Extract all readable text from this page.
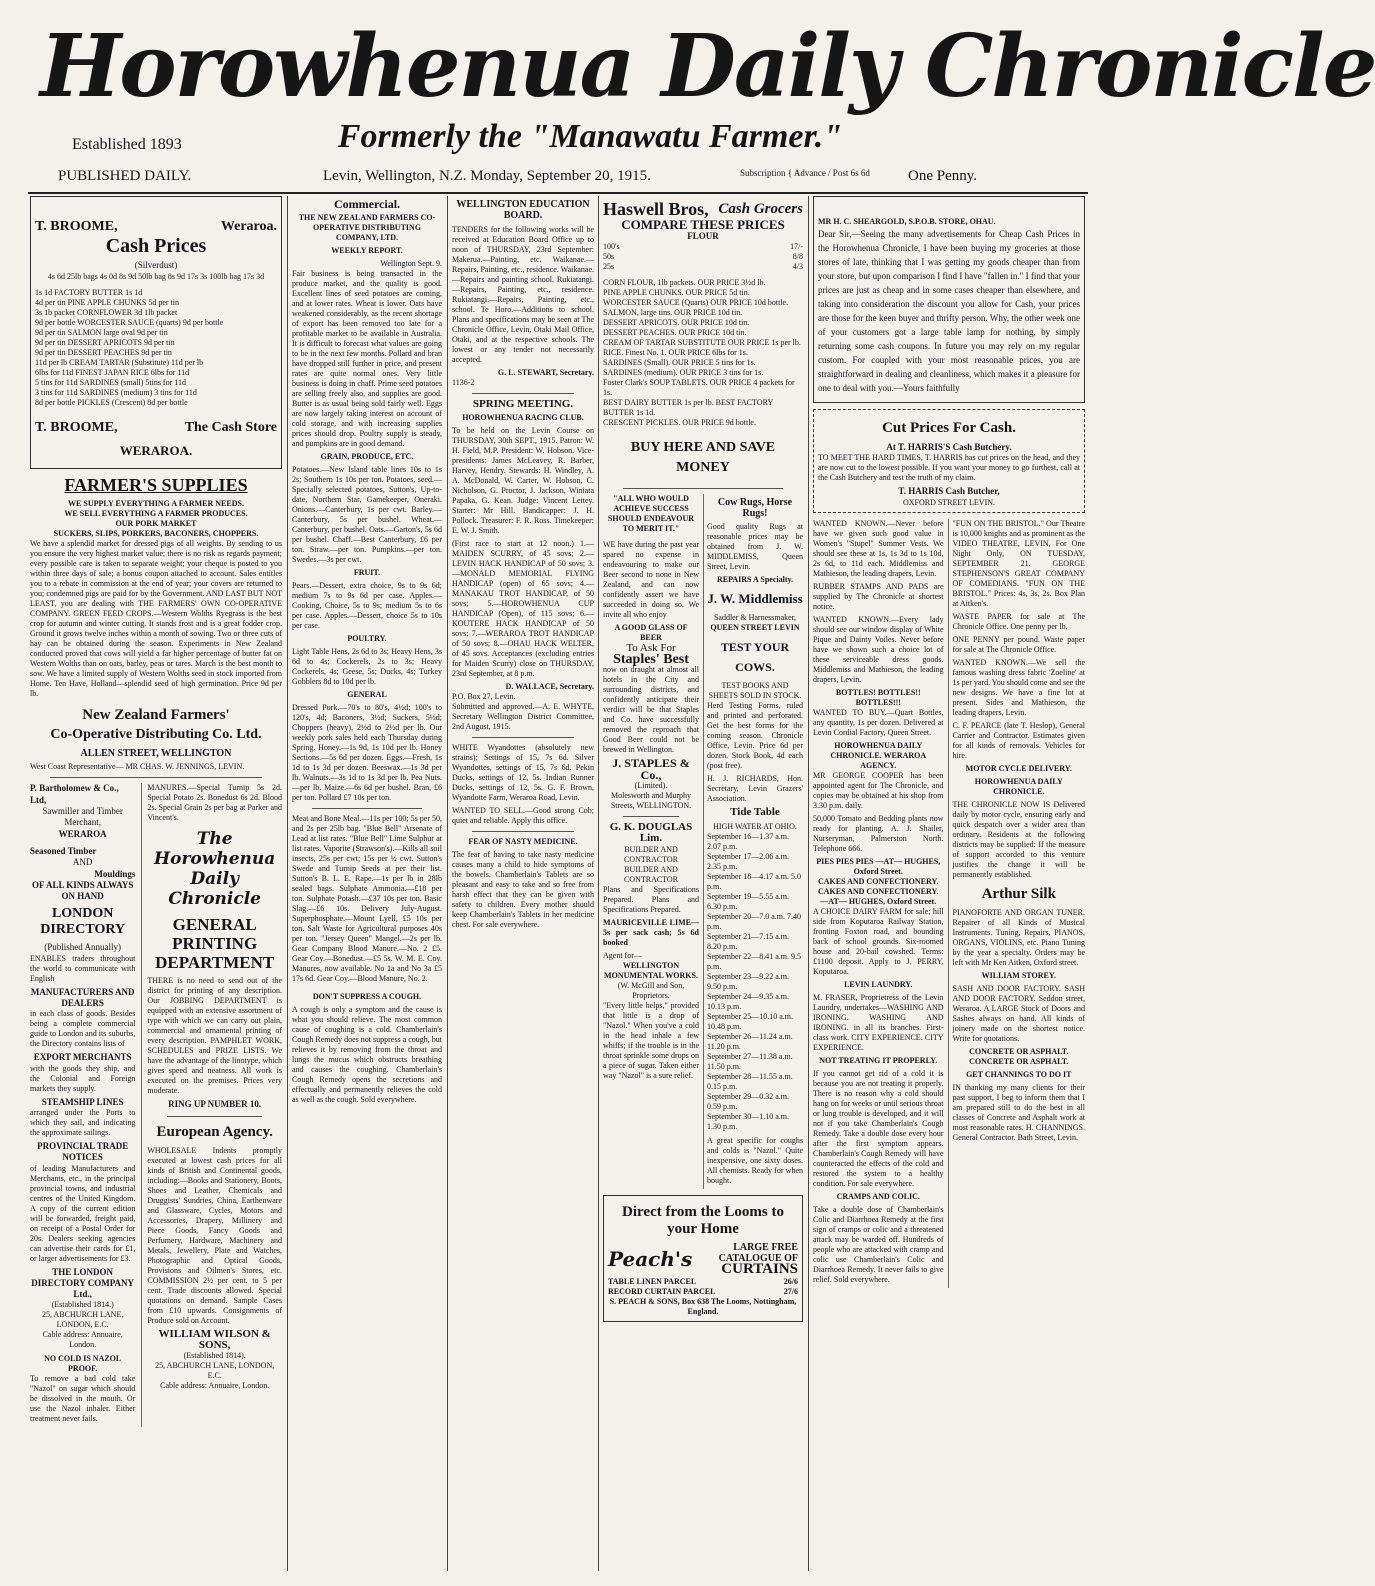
Horowhenua Daily Chronicle
Established 1893	Formerly the "Manawatu Farmer."
PUBLISHED DAILY.	Levin, Wellington, N.Z. Monday, September 20, 1915.	Subscription { Advance / Post 6s 6d	One Penny.
T. BROOME,	Weraroa.
Cash Prices
(Silverdust)
4s 6d 25lb bags 4s 0d 8s 9d 50lb bag 8s 9d 17s 3s 100lb bag 17s 3d
1s 1d FACTORY BUTTER 1s 1d
4d per tin PINE APPLE CHUNKS 5d per tin
3s 1b packet CORNFLOWER 3d 1lb packet
9d per bottle WORCESTER SAUCE (quarts) 9d per bottle
9d per tin SALMON large oval 9d per tin
9d per tin DESSERT APRICOTS 9d per tin
9d per tin DESSERT PEACHES 9d per tin
11d per lb CREAM TARTAR (Substitute) 11d per lb
6lbs for 11d FINEST JAPAN RICE 6lbs for 11d
5 tins for 11d SARDINES (small) 5tins for 11d
3 tins for 11d SARDINES (medium) 3 tins for 11d
8d per bottle PICKLES (Crescent) 8d per bottle
T. BROOME,	The Cash Store
WERAROA.
FARMER'S SUPPLIES
WE SUPPLY EVERYTHING A FARMER NEEDS.
WE SELL EVERYTHING A FARMER PRODUCES.
OUR PORK MARKET
SUCKERS, SLIPS, PORKERS, BACONERS, CHOPPERS.
We have a splendid market for dressed pigs of all weights. By sending to us you ensure the very highest market value; there is no risk as regards payment; every possible care is taken to separate weight; your cheque is posted to you within three days of sale; a bonus coupon attached to account. Sales entitles you to a rebate in commission at the end of year; your covers are returned to you; condemned pigs are paid for by the Government. AND LAST BUT NOT LEAST, you are dealing with THE FARMERS' OWN CO-OPERATIVE COMPANY. GREEN FEED CROPS.—Western Wolths Ryegrass is the best crop for autumn and winter cutting. It stands frost and is a great fodder crop. Ground it grows twelve inches within a month of sowing. Two or three cuts of hay can be obtained during the season. Experiments in New Zealand conducted proved that cows will yield a far higher percentage of butter fat on Western Wolths than on oats, barley, peas or tares. March is the best month to sow. We have a limited supply of Western Wolths seed in stock imported from Home. Ten Have, Holland—splendid seed of high germination. Price 9d per lb.
New Zealand Farmers'
Co-Operative Distributing Co. Ltd.
ALLEN STREET, WELLINGTON
West Coast Representative— MR CHAS. W. JENNINGS, LEVIN.
P. Bartholomew & Co., Ltd,
Sawmiller and Timber Merchant,
WERAROA
Seasoned Timber
AND
Mouldings
OF ALL KINDS ALWAYS ON HAND
LONDON DIRECTORY
(Published Annually)
ENABLES traders throughout the world to communicate with English
MANUFACTURERS AND DEALERS
in each class of goods. Besides being a complete commercial guide to London and its suburbs, the Directory contains lists of
EXPORT MERCHANTS
with the goods they ship, and the Colonial and Foreign markets they supply.
STEAMSHIP LINES
arranged under the Ports to which they sail, and indicating the approximate sailings.
PROVINCIAL TRADE NOTICES
of leading Manufacturers and Merchants, etc., in the principal provincial towns, and industrial centres of the United Kingdom. A copy of the current edition will be forwarded, freight paid, on receipt of a Postal Order for 20s. Dealers seeking agencies can advertise their cards for £1, or larger advertisements for £3.
THE LONDON DIRECTORY COMPANY Ltd.,
(Established 1814.)
25, ABCHURCH LANE, LONDON, E.C.
Cable address: Annuaire, London.
NO COLD IS NAZOL PROOF.
To remove a bad cold take "Nazol" on sugar which should be dissolved in the mouth. Or use the Nazol inhaler. Either treatment never fails.
MANURES.—Special Turnip 5s 2d. Special Potato 2s. Bonedust 6s 2d. Blood 2s. Special Grain 2s per bag at Parker and Vincent's.
The Horowhenua Daily Chronicle
GENERAL PRINTING DEPARTMENT
THERE is no need to send out of the district for printing of any description. Our JOBBING DEPARTMENT is equipped with an extensive assortment of type with which we can carry out plain, commercial and ornamental printing of every description. PAMPHLET WORK, SCHEDULES and PRIZE LISTS. We have the advantage of the linotype, which gives speed and neatness. All work is executed on the premises. Prices very moderate.
RING UP NUMBER 10.
European Agency.
WHOLESALE Indents promptly executed at lowest cash prices for all kinds of British and Continental goods, including:—Books and Stationery, Boots, Shoes and Leather, Chemicals and Druggists' Sundries, China, Earthenware and Glassware, Cycles, Motors and Accessories, Drapery, Millinery and Piece Goods, Fancy Goods and Perfumery, Hardware, Machinery and Metals, Jewellery, Plate and Watches, Photographic and Optical Goods, Provisions and Oilmen's Stores, etc. COMMISSION 2½ per cent. to 5 per cent. Trade discounts allowed. Special quotations on demand. Sample Cases from £10 upwards. Consignments of Produce sold on Account.
WILLIAM WILSON & SONS,
(Established 1814).
25, ABCHURCH LANE, LONDON, E.C.
Cable address: Annuaire, London.
Commercial.
THE NEW ZEALAND FARMERS CO-OPERATIVE DISTRIBUTING COMPANY, LTD.
WEEKLY REPORT.
Wellington Sept. 9.
Fair business is being transacted in the produce market, and the quality is good. Excellent lines of seed potatoes are coming, and at lower rates. Wheat is lower. Oats have weakened considerably, as the recent shortage of export has been removed too late for a profitable market to be available in Australia. It is difficult to forecast what values are going to be in the next few months. Pollard and bran have dropped still further in price, and present rates are quite normal ones. Very little business is doing in chaff. Prime seed potatoes are selling freely also, and supplies are good. Butter is as usual being sold fairly well. Eggs are now largely taking interest on account of cold storage, and with increasing supplies prices should drop. Poultry supply is steady, and pumpkins are in good demand.
GRAIN, PRODUCE, ETC.
Potatoes.—New Island table lines 10s to 1s 2s; Southern 1s 10s per ton. Potatoes, seed.—Specially selected potatoes, Sutton's, Up-to-date, Northern Star, Gamekeeper, Oneraki. Onions.—Canterbury, 1s per cwt. Barley.—Canterbury, 5s per bushel. Wheat.—Canterbury, per bushel. Oats.—Garton's, 5s 6d per bushel. Chaff.—Best Canterbury, £6 per ton. Straw.—per ton. Pumpkins.—per ton. Swedes.—3s per cwt.
FRUIT.
Pears.—Dessert, extra choice, 9s to 9s 6d; medium 7s to 9s 6d per case. Apples.—Cooking, Choice, 5s to 9s; medium 5s to 6s per case. Apples.—Dessert, choice 5s to 10s per case.
POULTRY.
Light Table Hens, 2s 6d to 3s; Heavy Hens, 3s 6d to 4s; Cockerels, 2s to 3s; Heavy Cockerels, 4s; Geese, 5s; Ducks, 4s; Turkey Gobblers 8d to 10d per lb.
GENERAL
Dressed Pork.—70's to 80's, 4½d; 100's to 120's, 4d; Baconers, 3½d; Suckers, 5½d; Choppers (heavy), 2½d to 2½d per lb. Our weekly pork sales held each Thursday during Spring. Honey.—1s 9d, 1s 10d per lb. Honey Sections.—5s 6d per dozen. Eggs.—Fresh, 1s 1d to 1s 3d per dozen. Beeswax.—1s 3d per lb. Walnuts.—3s 1d to 1s 3d per lb. Pea Nuts.—per lb. Maize.—6s 6d per bushel. Bran, £6 per ton. Pollard £7 10s per ton.
Meat and Bone Meal.—11s per 100; 5s per 50, and 2s per 25lb bag. "Blue Bell" Arsenate of Lead at list rates. "Blue Bell" Lime Sulphur at list rates. Vaporite (Strawson's).—Kills all soil insects, 25s per cwt; 15s per ½ cwt. Sutton's Swede and Turnip Seeds at per their list. Sutton's B. L. E. Rape.—1s per lb in 28lb sealed bags. Sulphate Ammonia.—£18 per ton. Sulphate Potash.—£37 10s per ton. Basic Slag.—£6 10s. Delivery July-August. Superphosphate.—Mount Lyell, £5 10s per ton. Salt Waste for Agricultural purposes 40s per ton. "Jersey Queen" Mangel.—2s per lb. Gear Company Blood Manure.—No. 2 £5. Gear Coy.—Bonedust.—£5 5s. W. M. E. Coy. Manures, now available. No 1a and No 3a £5 17s 6d. Gear Coy.—Blood Manure, No. 2.
DON'T SUPPRESS A COUGH.
A cough is only a symptom and the cause is what you should relieve. The most common cause of coughing is a cold. Chamberlain's Cough Remedy does not suppress a cough, but relieves it by removing from the throat and lungs the mucus which obstructs breathing and causes the coughing. Chamberlain's Cough Remedy opens the secretions and effectually and permanently relieves the cold as well as the cough. Sold everywhere.
WELLINGTON EDUCATION BOARD.
TENDERS for the following works will be received at Education Board Office up to noon of THURSDAY, 23rd September: Makerua.—Painting, etc. Waikanae.—Repairs, Painting, etc., residence. Waikanae.—Repairs and painting school. Rukiatangi.—Repairs, Painting, etc., residence. Rukiatangi.—Repairs, Painting, etc., school. Te Horo.—Additions to school. Plans and specifications may be seen at The Chronicle Office, Levin, Otaki Mail Office, Otaki, and at the respective schools. The lowest or any tender not necessarily accepted.
G. L. STEWART, Secretary.
1136-2
SPRING MEETING.
HOROWHENUA RACING CLUB.
To be held on the Levin Course on THURSDAY, 30th SEPT., 1915. Patron: W. H. Field, M.P. President: W. Hobson. Vice-presidents: James McLeavey, R. Barber, Harvey, Hendry. Stewards: H. Windley, A. A. McDonald, W. Carter, W. Hobson, C. Nicholson, G. Proctor, J. Jackson, Winiata Papaka, G. Kean. Judge: Vincent Lettey. Starter: Mr Hill. Handicapper: J. H. Pollock. Treasurer: F. R. Ross. Timekeeper: E. W. J. Smith.
(First race to start at 12 noon.) 1.—MAIDEN SCURRY, of 45 sovs; 2.—LEVIN HACK HANDICAP of 50 sovs; 3.—MONALD MEMORIAL FLYING HANDICAP (open) of 65 sovs; 4.—MANAKAU TROT HANDICAP, of 50 sovs; 5.—HOROWHENUA CUP HANDICAP (Open), of 115 sovs; 6.—KOUTERE HACK HANDICAP of 50 sovs; 7.—WERAROA TROT HANDICAP of 50 sovs; 8.—OHAU HACK WELTER, of 45 sovs. Acceptances (excluding entries for Maiden Scurry) close on THURSDAY, 23rd September, at 8 p.m.
D. WALLACE, Secretary.
P.O. Box 27, Levin.
Submitted and approved.—A. E. WHYTE, Secretary Wellington District Committee, 2nd August, 1915.
WHITE Wyandottes (absolutely new strains); Settings of 15, 7s 6d. Silver Wyandottes, settings of 15, 7s 6d. Pekin Ducks, settings of 12, 5s. Indian Runner Ducks, settings of 12, 5s. G. F. Brown, Wyandotte Farm, Weraroa Road, Levin.
WANTED TO SELL.—Good strong Cob; quiet and reliable. Apply this office.
FEAR OF NASTY MEDICINE.
The fear of having to take nasty medicine causes many a child to hide symptoms of the bowels. Chamberlain's Tablets are so pleasant and easy to take and so free from harsh effect that they can be given with safety to children. Every mother should keep Chamberlain's Tablets in her medicine chest. For sale everywhere.
Haswell Bros, Cash Grocers
COMPARE THESE PRICES
FLOUR
100's	17/-
50s	8/8
25s	4/3
CORN FLOUR, 1lb packets. OUR PRICE 3½d lb.
PINE APPLE CHUNKS. OUR PRICE 5d tin.
WORCESTER SAUCE (Quarts) OUR PRICE 10d bottle.
SALMON, large tins. OUR PRICE 10d tin.
DESSERT APRICOTS. OUR PRICE 10d tin.
DESSERT PEACHES. OUR PRICE 10d tin.
CREAM OF TARTAR SUBSTITUTE OUR PRICE 1s per lb.
RICE. Finest No. 1. OUR PRICE 6lbs for 1s.
SARDINES (Small). OUR PRICE 5 tins for 1s.
SARDINES (medium). OUR PRICE 3 tins for 1s.
Foster Clark's SOUP TABLETS. OUR PRICE 4 packets for 1s.
BEST DAIRY BUTTER 1s per lb. BEST FACTORY BUTTER 1s 1d.
CRESCENT PICKLES. OUR PRICE 9d bottle.
BUY HERE AND SAVE MONEY
"ALL WHO WOULD ACHIEVE SUCCESS SHOULD ENDEAVOUR TO MERIT IT."
WE have during the past year spared no expense in endeavouring to make our Beer second to none in New Zealand, and can now confidently assert we have succeeded in doing so. We invite all who enjoy
A GOOD GLASS OF BEER
To Ask For
Staples' Best
now on draught at almost all hotels in the City and surrounding districts, and confidently anticipate their verdict will be that Staples and Co. have successfully removed the reproach that Good Beer could not be brewed in Wellington.
J. STAPLES & Co.,
(Limited).
Molesworth and Murphy Streets, WELLINGTON.
G. K. DOUGLAS Lim.
BUILDER AND CONTRACTOR
BUILDER AND CONTRACTOR
Plans and Specifications Prepared. Plans and Specifications Prepared.
MAURICEVILLE LIME—5s per sack cash; 5s 6d booked
Agent for—
WELLINGTON MONUMENTAL WORKS.
(W. McGill and Son, Proprietors.
"Every little helps," provided that little is a drop of "Nazol." When you've a cold in the head inhale a few whiffs; if the trouble is in the throat sprinkle some drops on a piece of sugar. Taken either way "Nazol" is a sure relief.
Cow Rugs, Horse Rugs!
Good quality Rugs at reasonable prices may be obtained from J. W. MIDDLEMISS, Queen Street, Levin.
REPAIRS A Specialty.
J. W. Middlemiss
Saddler & Harnessmaker,
QUEEN STREET LEVIN
TEST YOUR COWS.
TEST BOOKS AND SHEETS SOLD IN STOCK.
Herd Testing Forms, ruled and printed and perforated. Get the best forms for the coming season. Chronicle Office, Levin. Price 6d per dozen. Stock Book, 4d each (post free).
H. J. RICHARDS, Hon. Secretary, Levin Grazers' Association.
Tide Table
HIGH WATER AT OHIO.
September 16—1.37 a.m. 2.07 p.m.
September 17—2.06 a.m. 2.35 p.m.
September 18—4.17 a.m. 5.0 p.m.
September 19—5.55 a.m. 6.30 p.m.
September 20—7.0 a.m. 7.40 p.m.
September 21—7.15 a.m. 8.20 p.m.
September 22—8.41 a.m. 9.5 p.m.
September 23—9.22 a.m. 9.50 p.m.
September 24—9.35 a.m. 10.13 p.m.
September 25—10.10 a.m. 10.48 p.m.
September 26—11.24 a.m. 11.20 p.m.
September 27—11.38 a.m. 11.50 p.m.
September 28—11.55 a.m. 0.15 p.m.
September 29—0.32 a.m. 0.59 p.m.
September 30—1.10 a.m. 1.30 p.m.
A great specific for coughs and colds is "Nazol." Quite inexpensive, one sixty doses. All chemists. Ready for when bought.
Direct from the Looms to your Home
Peach's	LARGE FREE CATALOGUE OF
CURTAINS
TABLE LINEN PARCEL	26/6
RECORD CURTAIN PARCEL	27/6
S. PEACH & SONS, Box 638 The Looms, Nottingham, England.
MR H. C. SHEARGOLD, S.P.O.B. STORE, OHAU.
Dear Sir,—Seeing the many advertisements for Cheap Cash Prices in the Horowhenua Chronicle, I have been buying my groceries at those stores of late, thinking that I was getting my goods cheaper than from your store, but upon comparison I find I have "fallen in." I find that your prices are just as cheap and in some cases cheaper than elsewhere, and taking into consideration the discount you allow for Cash, your prices are those for the keen buyer and thrifty person. Why, the other week one of your customers got a large table lamp for nothing, by simply returning some cash coupons. In future you may rely on my regular custom. For coupled with your most reasonable prices, you are straightforward in dealing and cleanliness, which makes it a pleasure for one to deal with you.—Yours faithfully
Cut Prices For Cash.
At T. HARRIS'S Cash Butchery.
TO MEET THE HARD TIMES, T. HARRIS has cut prices on the head, and they are now cut to the lowest possible. If you want your money to go furthest, call at the Cash Butchery and test the truth of my claim.
T. HARRIS Cash Butcher,
OXFORD STREET LEVIN.
WANTED KNOWN.—Never before have we given such good value in Women's "Stupel" Summer Vests. We should see these at 1s, 1s 3d to 1s 10d, 2s 6d, to 11d each. Middlemiss and Mathieson, the leading drapers, Levin.
RUBBER STAMPS AND PADS are supplied by The Chronicle at shortest notice.
WANTED KNOWN.—Every lady should see our window display of White Pique and Dainty Voiles. Never before have we shown such a choice lot of these serviceable dress goods. Middlemiss and Mathieson, the leading drapers, Levin.
BOTTLES! BOTTLES!! BOTTLES!!!
WANTED TO BUY.—Quart Bottles, any quantity, 1s per dozen. Delivered at Levin Cordial Factory, Queen Street.
HOROWHENUA DAILY CHRONICLE. WERAROA AGENCY.
MR GEORGE COOPER has been appointed agent for The Chronicle, and copies may be obtained at his shop from 3.30 p.m. daily.
50,000 Tomato and Bedding plants now ready for planting. A. J. Shailer, Nurseryman, Palmerston North. Telephone 666.
PIES PIES PIES —AT— HUGHES, Oxford Street.
CAKES AND CONFECTIONERY. CAKES AND CONFECTIONERY. —AT— HUGHES, Oxford Street.
A CHOICE DAIRY FARM for sale; hill side from Koputaroa Railway Station, fronting Foxton road, and bounding back of school grounds. Six-roomed house and 20-bail cowshed. Terms: £1100 deposit. Apply to J. PERRY, Koputaroa.
LEVIN LAUNDRY.
M. FRASER, Proprietress of the Levin Laundry, undertakes—WASHING AND IRONING. WASHING AND IRONING. in all its branches. First-class work. CITY EXPERIENCE. CITY EXPERIENCE.
NOT TREATING IT PROPERLY.
If you cannot get rid of a cold it is because you are not treating it properly. There is no reason why a cold should hang on for weeks or until serious throat or lung trouble is developed, and it will not if you take Chamberlain's Cough Remedy. Take a double dose every hour after the first symptom appears. Chamberlain's Cough Remedy will have counteracted the effects of the cold and restored the system to a healthy condition. For sale everywhere.
CRAMPS AND COLIC.
Take a double dose of Chamberlain's Colic and Diarrhoea Remedy at the first sign of cramps or colic and a threatened attack may be warded off. Hundreds of people who are attacked with cramp and colic use Chamberlain's Colic and Diarrhoea Remedy. It never fails to give relief. Sold everywhere.
"FUN ON THE BRISTOL." Our Theatre is 10,000 knights and as prominent as the VIDEO THEATRE, LEVIN, For One Night Only, ON TUESDAY, SEPTEMBER 21. GEORGE STEPHENSON'S GREAT COMPANY OF COMEDIANS. "FUN ON THE BRISTOL." Prices: 4s, 3s, 2s. Box Plan at Aitken's.
WASTE PAPER for sale at The Chronicle Office. One penny per lb.
ONE PENNY per pound. Waste paper for sale at The Chronicle Office.
WANTED KNOWN.—We sell the famous washing dress fabric 'Zoeline' at 1s per yard. You should come and see the new designs. We have a fine lot at present. Sides and Mathieson, the leading drapers, Levin.
C. F. PEARCE (late T. Heslop), General Carrier and Contractor. Estimates given for all kinds of removals. Vehicles for hire.
MOTOR CYCLE DELIVERY.
HOROWHENUA DAILY CHRONICLE.
THE CHRONICLE NOW IS Delivered daily by motor cycle, ensuring early and quick despatch over a wider area than ordinary. Residents at the following districts may be supplied: If the measure of support accorded to this venture justifies the change it will be permanently established.
Arthur Silk
PIANOFORTE AND ORGAN TUNER. Repairer of all Kinds of Musical Instruments. Tuning, Repairs, PIANOS, ORGANS, VIOLINS, etc. Piano Tuning by the year a specialty. Orders may be left with Mr Ken Aitken, Oxford street.
WILLIAM STOREY.
SASH AND DOOR FACTORY. SASH AND DOOR FACTORY. Seddon street, Weraroa. A LARGE Stock of Doors and Sashes always on hand. All kinds of joinery made on the shortest notice. Write for quotations.
CONCRETE OR ASPHALT. CONCRETE OR ASPHALT.
GET CHANNINGS TO DO IT
IN thanking my many clients for their past support, I beg to inform them that I am prepared still to do the best in all classes of Concrete and Asphalt work at most reasonable rates. H. CHANNINGS. General Contractor. Bath Street, Levin.
